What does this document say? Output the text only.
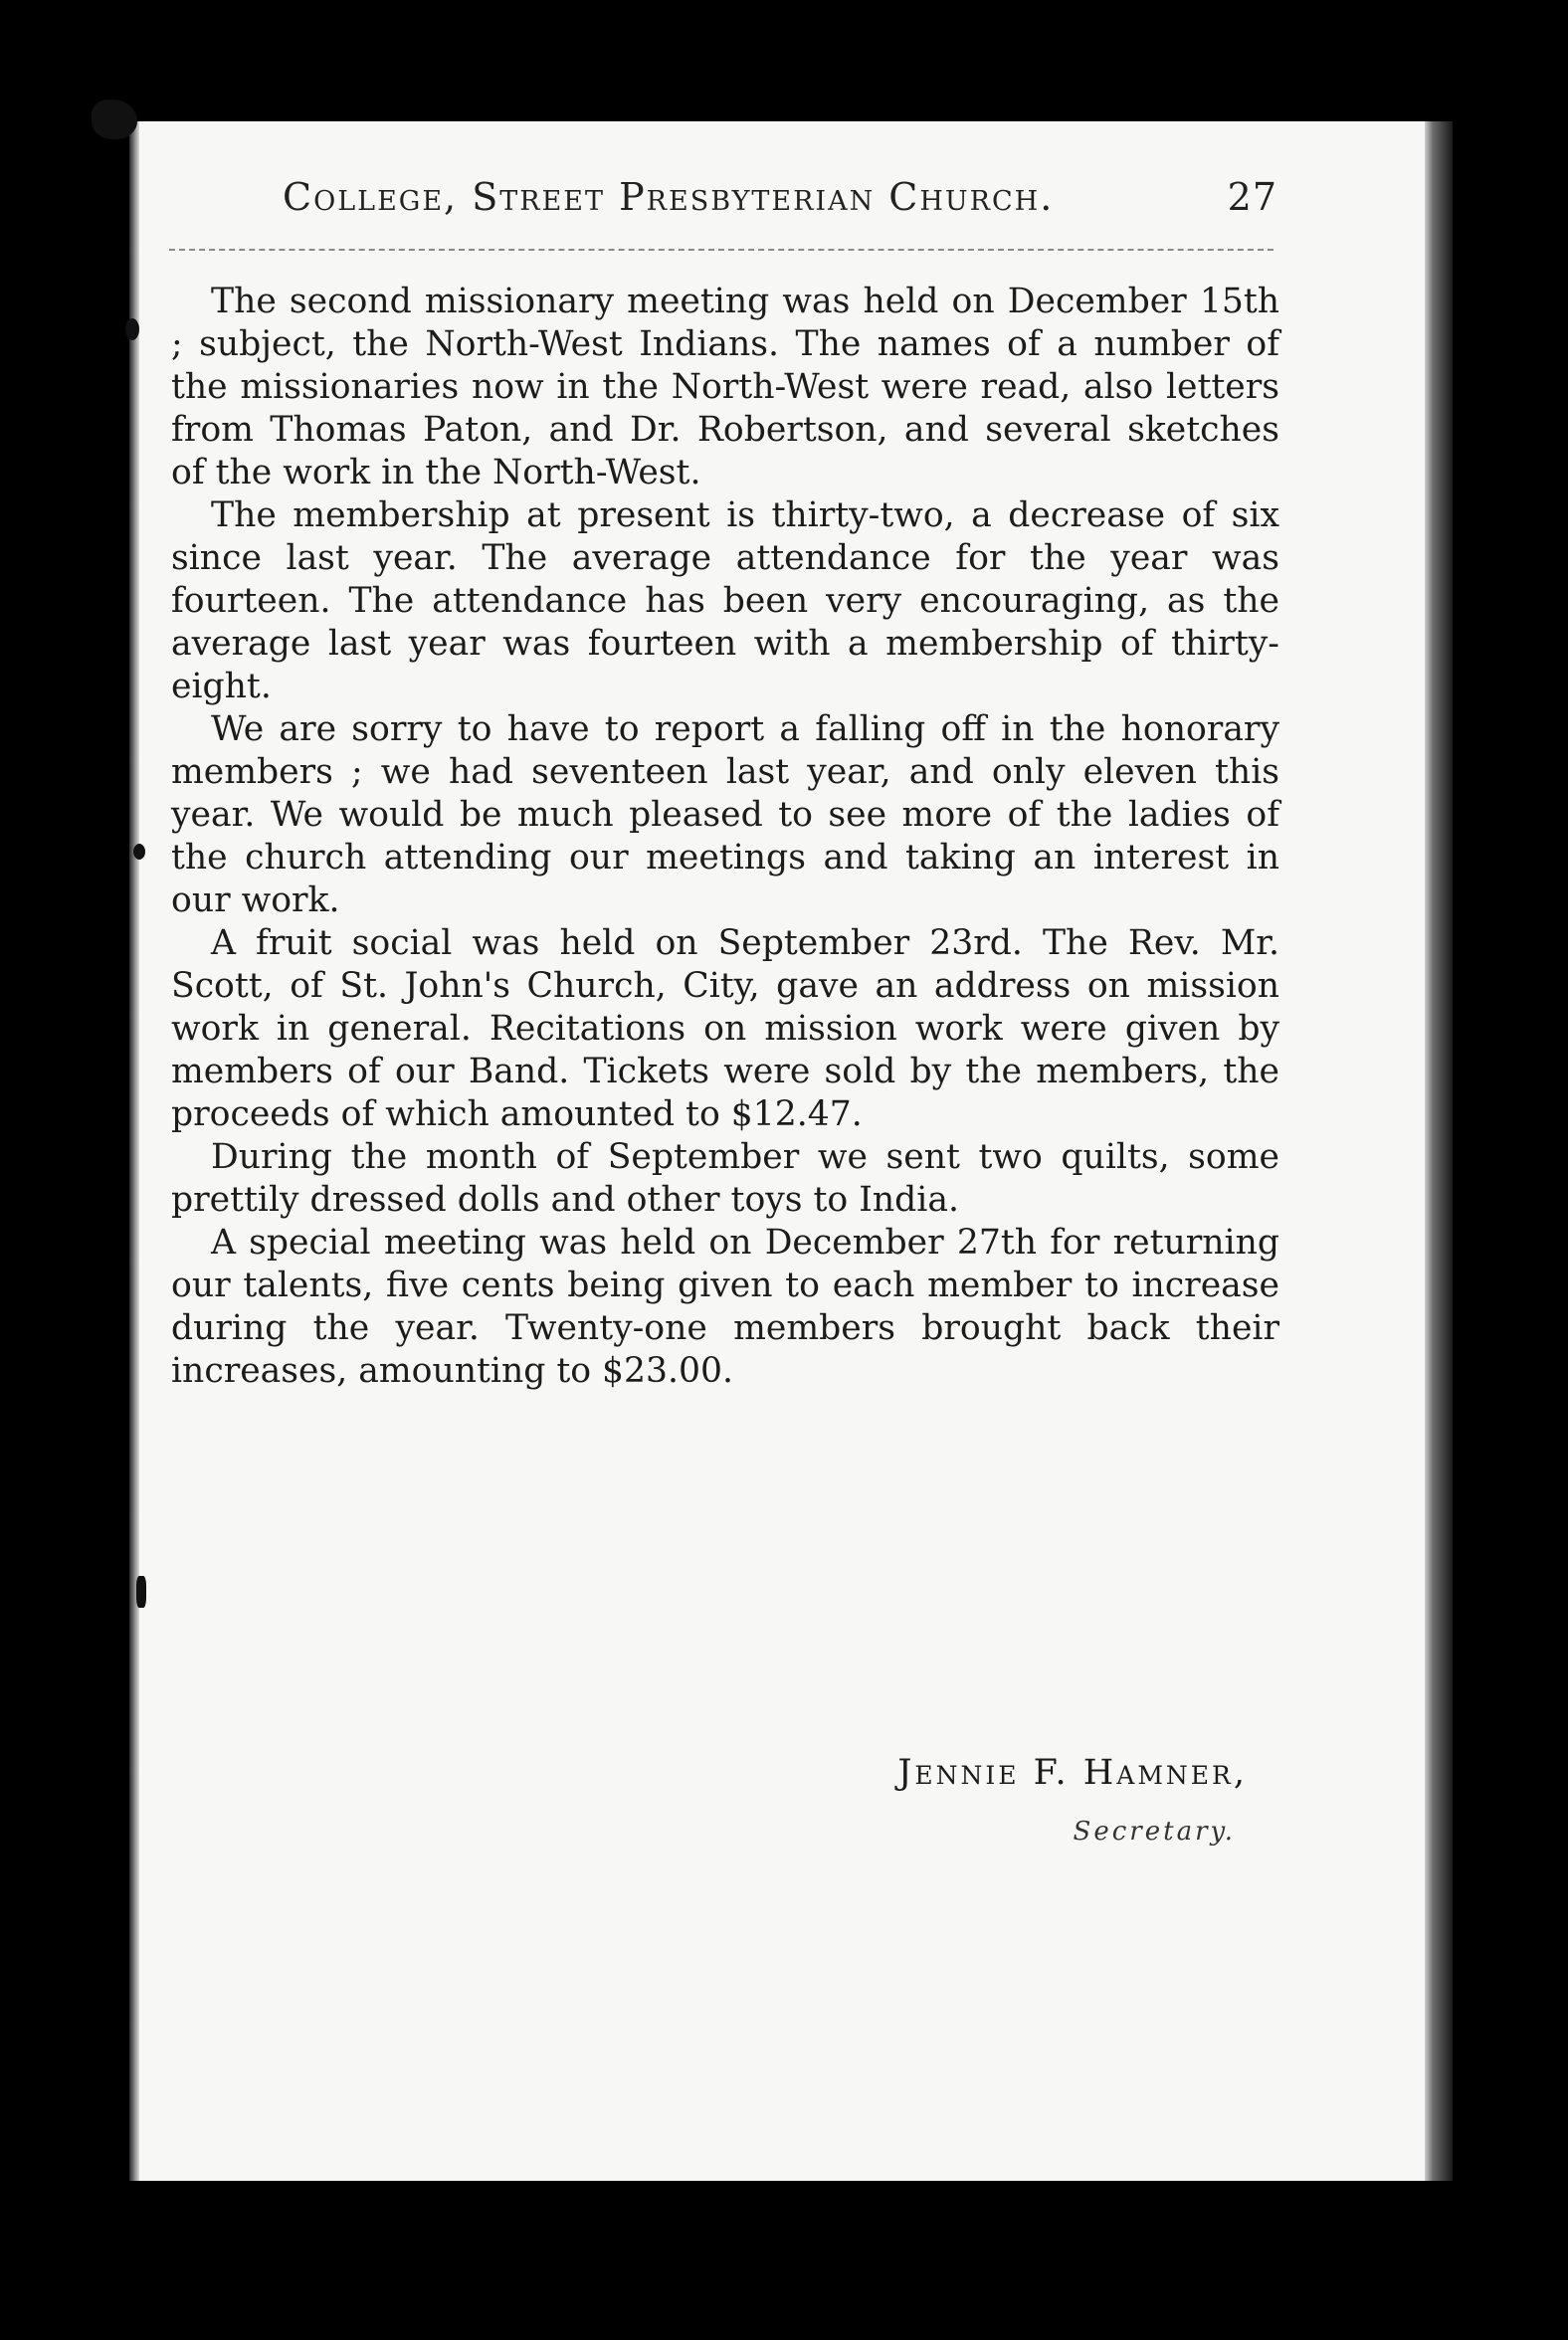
College, Street Presbyterian Church.	27

The second missionary meeting was held on December 15th ; subject, the North-West Indians. The names of a number of the missionaries now in the North-West were read, also letters from Thomas Paton, and Dr. Robertson, and several sketches of the work in the North-West.

The membership at present is thirty-two, a decrease of six since last year. The average attendance for the year was fourteen. The attendance has been very encouraging, as the average last year was fourteen with a membership of thirty-eight.

We are sorry to have to report a falling off in the honorary members ; we had seventeen last year, and only eleven this year. We would be much pleased to see more of the ladies of the church attending our meetings and taking an interest in our work.

A fruit social was held on September 23rd. The Rev. Mr. Scott, of St. John's Church, City, gave an address on mission work in general. Recitations on mission work were given by members of our Band. Tickets were sold by the members, the proceeds of which amounted to $12.47.

During the month of September we sent two quilts, some prettily dressed dolls and other toys to India.

A special meeting was held on December 27th for returning our talents, five cents being given to each member to increase during the year. Twenty-one members brought back their increases, amounting to $23.00.

Jennie F. Hamner,
Secretary.
